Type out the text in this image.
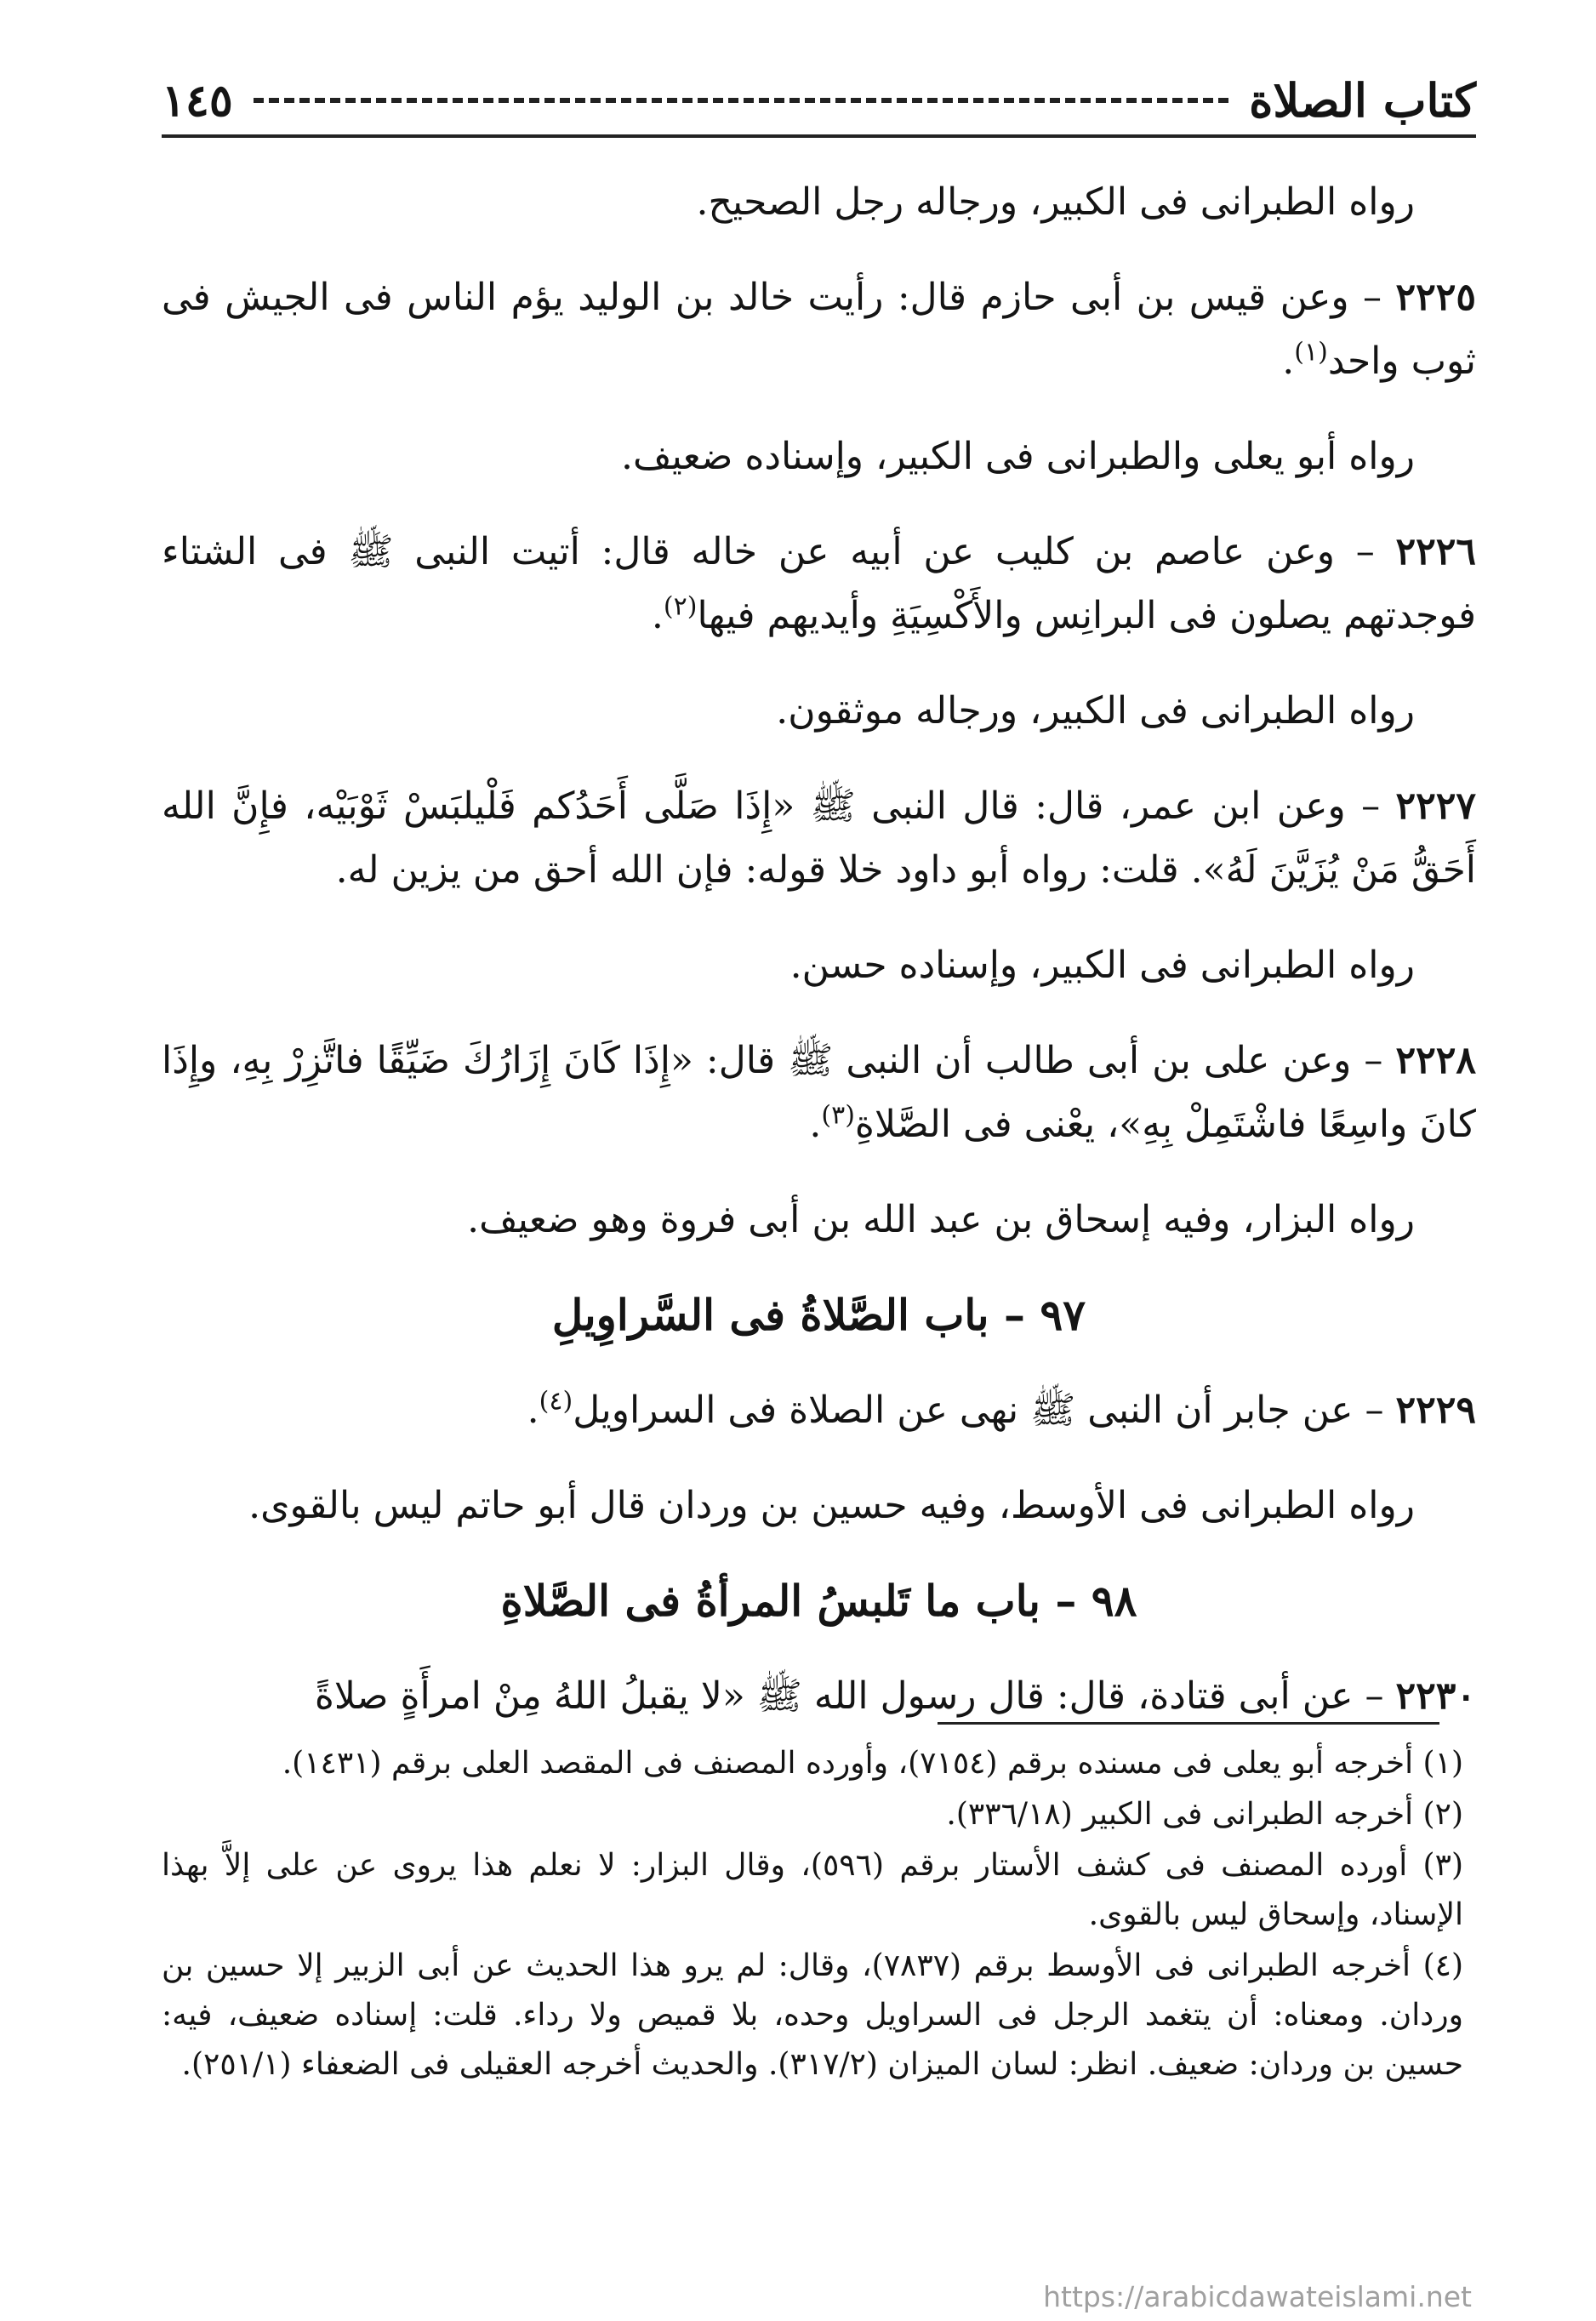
كتاب الصلاة
١٤٥

رواه الطبرانى فى الكبير، ورجاله رجل الصحيح.

٢٢٢٥ – وعن قيس بن أبى حازم قال: رأيت خالد بن الوليد يؤم الناس فى الجيش فى ثوب واحد$^{(١)}$.

رواه أبو يعلى والطبرانى فى الكبير، وإسناده ضعيف.

٢٢٢٦ – وعن عاصم بن كليب عن أبيه عن خاله قال: أتيت النبى ﷺ فى الشتاء فوجدتهم يصلون فى البرانِس والأَكْسِيَةِ وأيديهم فيها$^{(٢)}$.

رواه الطبرانى فى الكبير، ورجاله موثقون.

٢٢٢٧ – وعن ابن عمر، قال: قال النبى ﷺ «إِذَا صَلَّى أَحَدُكم فَلْيلبَسْ ثَوْبَيْه، فإِنَّ الله أَحَقُّ مَنْ يُزَيَّنَ لَهُ». قلت: رواه أبو داود خلا قوله: فإن الله أحق من يزين له.

رواه الطبرانى فى الكبير، وإسناده حسن.

٢٢٢٨ – وعن على بن أبى طالب أن النبى ﷺ قال: «إِذَا كَانَ إِزَارُكَ ضَيِّقًا فاتَّزِرْ بِهِ، وإِذَا كانَ واسِعًا فاشْتَمِلْ بِهِ»، يعْنى فى الصَّلاةِ$^{(٣)}$.

رواه البزار، وفيه إسحاق بن عبد الله بن أبى فروة وهو ضعيف.

٩٧ – باب الصَّلاةُ فى السَّراوِيلِ

٢٢٢٩ – عن جابر أن النبى ﷺ نهى عن الصلاة فى السراويل$^{(٤)}$.

رواه الطبرانى فى الأوسط، وفيه حسين بن وردان قال أبو حاتم ليس بالقوى.

٩٨ – باب ما تَلبسُ المرأةُ فى الصَّلاةِ

٢٢٣٠ – عن أبى قتادة، قال: قال رسول الله ﷺ «لا يقبلُ اللهُ مِنْ امرأَةٍ صلاةً

(١) أخرجه أبو يعلى فى مسنده برقم (٧١٥٤)، وأورده المصنف فى المقصد العلى برقم (١٤٣١).

(٢) أخرجه الطبرانى فى الكبير (٣٣٦/١٨).

(٣) أورده المصنف فى كشف الأستار برقم (٥٩٦)، وقال البزار: لا نعلم هذا يروى عن على إلاَّ بهذا الإسناد، وإسحاق ليس بالقوى.

(٤) أخرجه الطبرانى فى الأوسط برقم (٧٨٣٧)، وقال: لم يرو هذا الحديث عن أبى الزبير إلا حسين بن وردان. ومعناه: أن يتغمد الرجل فى السراويل وحده، بلا قميص ولا رداء. قلت: إسناده ضعيف، فيه: حسين بن وردان: ضعيف. انظر: لسان الميزان (٣١٧/٢). والحديث أخرجه العقيلى فى الضعفاء (٢٥١/١).

https://arabicdawateislami.net
